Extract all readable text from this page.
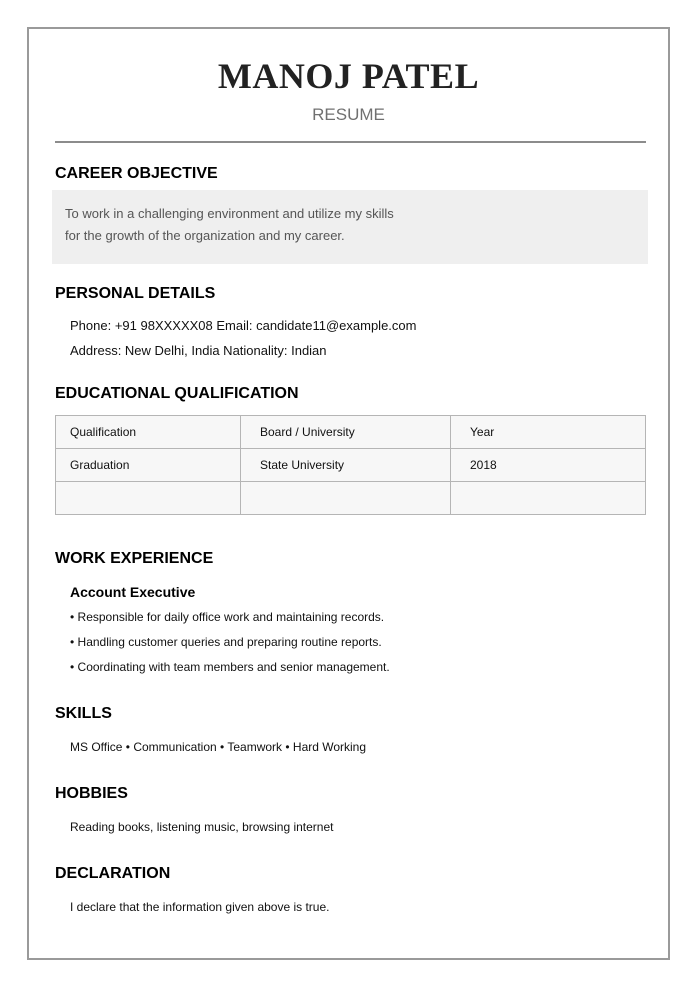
MANOJ PATEL
RESUME
CAREER OBJECTIVE
To work in a challenging environment and utilize my skills
for the growth of the organization and my career.
PERSONAL DETAILS
Phone: +91 98XXXXX08 Email: candidate11@example.com
Address: New Delhi, India Nationality: Indian
EDUCATIONAL QUALIFICATION
Qualification	Board / University	Year
Graduation	State University	2018

WORK EXPERIENCE
Account Executive
• Responsible for daily office work and maintaining records.
• Handling customer queries and preparing routine reports.
• Coordinating with team members and senior management.
SKILLS
MS Office • Communication • Teamwork • Hard Working
HOBBIES
Reading books, listening music, browsing internet
DECLARATION
I declare that the information given above is true.
